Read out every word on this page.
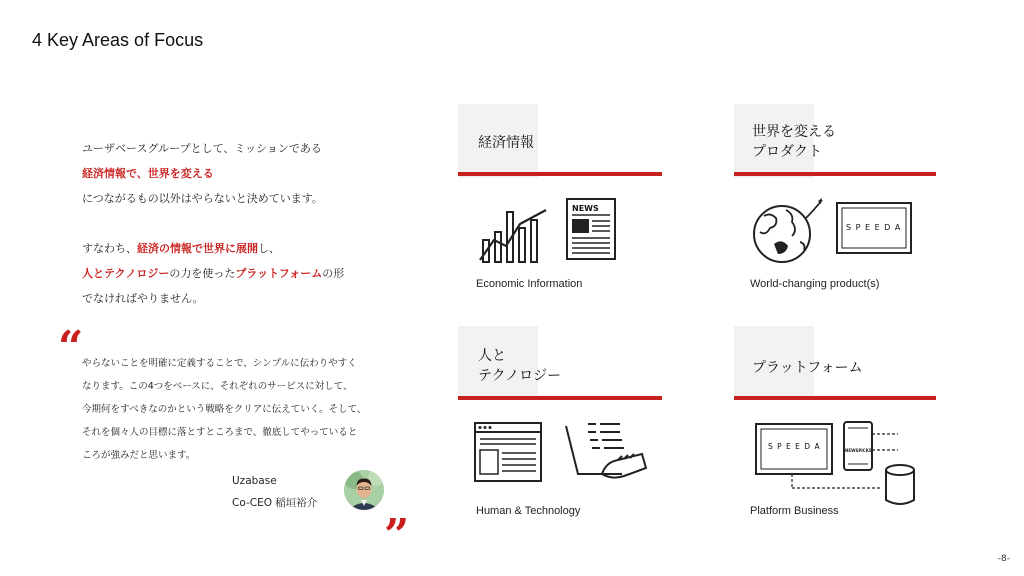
4 Key Areas of Focus
ユーザベースグループとして、ミッションである
経済情報で、世界を変える
につながるもの以外はやらないと決めています。

すなわち、経済の情報で世界に展開し、
人とテクノロジーの力を使ったプラットフォームの形
でなければやりません。
“
やらないことを明確に定義することで、シンプルに伝わりやすく
なります。この4つをベースに、それぞれのサービスに対して、
今期何をすべきなのかという戦略をクリアに伝えていく。そして、
それを個々人の目標に落とすところまで、徹底してやっていると
ころが強みだと思います。
”
Uzabase
Co-CEO 稲垣裕介
経済情報
NEWS
Economic Information
世界を変える
プロダクト
S P E E D A
World-changing product(s)
人と
テクノロジー
Human & Technology
プラットフォーム
S P E E D A	NEWSPICKS
Platform Business
-8-
